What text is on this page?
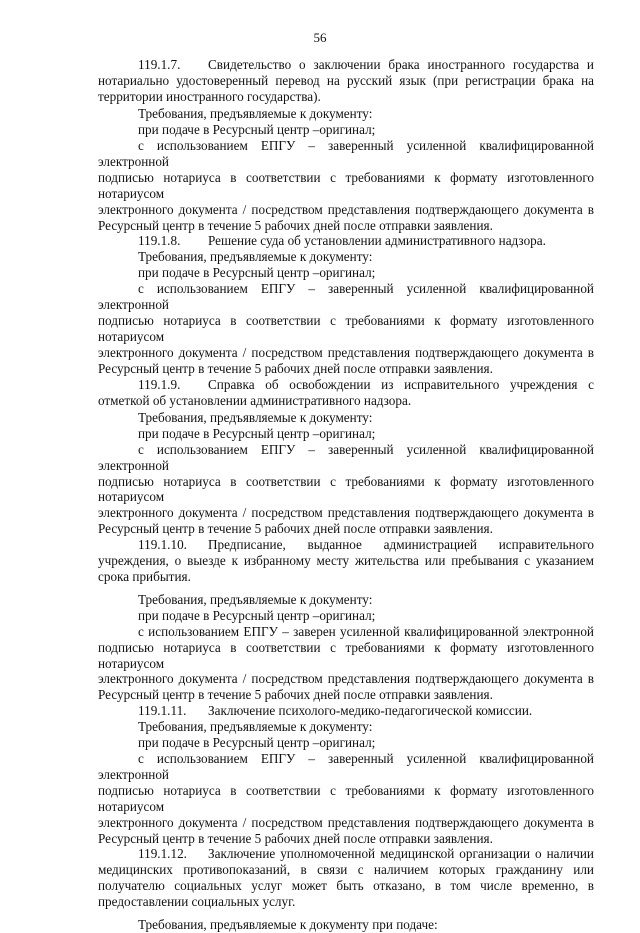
56

119.1.7. Свидетельство о заключении брака иностранного государства и нотариально удостоверенный перевод на русский язык (при регистрации брака на территории иностранного государства).

Требования, предъявляемые к документу:

при подаче в Ресурсный центр –оригинал;

с использованием ЕПГУ – заверенный усиленной квалифицированной электронной

подписью нотариуса в соответствии с требованиями к формату изготовленного нотариусом

электронного документа / посредством представления подтверждающего документа в

Ресурсный центр в течение 5 рабочих дней после отправки заявления.

119.1.8. Решение суда об установлении административного надзора.

Требования, предъявляемые к документу:

при подаче в Ресурсный центр –оригинал;

с использованием ЕПГУ – заверенный усиленной квалифицированной электронной

подписью нотариуса в соответствии с требованиями к формату изготовленного нотариусом

электронного документа / посредством представления подтверждающего документа в

Ресурсный центр в течение 5 рабочих дней после отправки заявления.

119.1.9. Справка об освобождении из исправительного учреждения с отметкой об установлении административного надзора.

Требования, предъявляемые к документу:

при подаче в Ресурсный центр –оригинал;

с использованием ЕПГУ – заверенный усиленной квалифицированной электронной

подписью нотариуса в соответствии с требованиями к формату изготовленного нотариусом

электронного документа / посредством представления подтверждающего документа в

Ресурсный центр в течение 5 рабочих дней после отправки заявления.

119.1.10. Предписание, выданное администрацией исправительного учреждения, о выезде к избранному месту жительства или пребывания с указанием срока прибытия.

Требования, предъявляемые к документу:

при подаче в Ресурсный центр –оригинал;

с использованием ЕПГУ – заверен усиленной квалифицированной электронной

подписью нотариуса в соответствии с требованиями к формату изготовленного нотариусом

электронного документа / посредством представления подтверждающего документа в

Ресурсный центр в течение 5 рабочих дней после отправки заявления.

119.1.11. Заключение психолого-медико-педагогической комиссии.

Требования, предъявляемые к документу:

при подаче в Ресурсный центр –оригинал;

с использованием ЕПГУ – заверенный усиленной квалифицированной электронной

подписью нотариуса в соответствии с требованиями к формату изготовленного нотариусом

электронного документа / посредством представления подтверждающего документа в

Ресурсный центр в течение 5 рабочих дней после отправки заявления.

119.1.12. Заключение уполномоченной медицинской организации о наличии медицинских противопоказаний, в связи с наличием которых гражданину или получателю социальных услуг может быть отказано, в том числе временно, в предоставлении социальных услуг.

Требования, предъявляемые к документу при подаче:
